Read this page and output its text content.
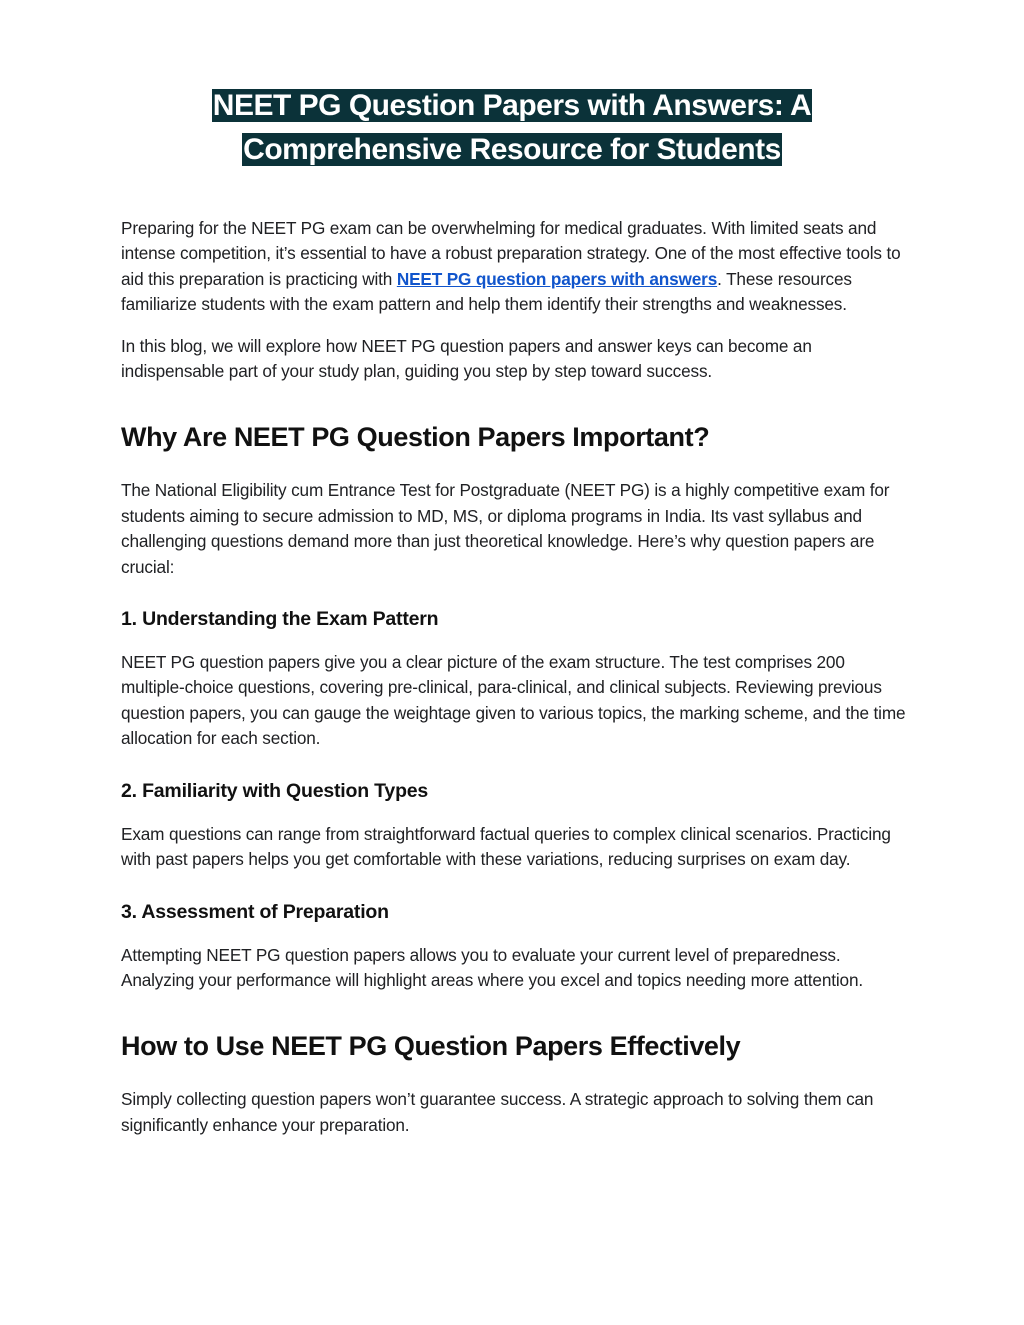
NEET PG Question Papers with Answers: A
Comprehensive Resource for Students

Preparing for the NEET PG exam can be overwhelming for medical graduates. With limited seats and intense competition, it’s essential to have a robust preparation strategy. One of the most effective tools to aid this preparation is practicing with NEET PG question papers with answers. These resources familiarize students with the exam pattern and help them identify their strengths and weaknesses.

In this blog, we will explore how NEET PG question papers and answer keys can become an indispensable part of your study plan, guiding you step by step toward success.

Why Are NEET PG Question Papers Important?

The National Eligibility cum Entrance Test for Postgraduate (NEET PG) is a highly competitive exam for students aiming to secure admission to MD, MS, or diploma programs in India. Its vast syllabus and challenging questions demand more than just theoretical knowledge. Here’s why question papers are crucial:

1. Understanding the Exam Pattern

NEET PG question papers give you a clear picture of the exam structure. The test comprises 200 multiple-choice questions, covering pre-clinical, para-clinical, and clinical subjects. Reviewing previous question papers, you can gauge the weightage given to various topics, the marking scheme, and the time allocation for each section.

2. Familiarity with Question Types

Exam questions can range from straightforward factual queries to complex clinical scenarios. Practicing with past papers helps you get comfortable with these variations, reducing surprises on exam day.

3. Assessment of Preparation

Attempting NEET PG question papers allows you to evaluate your current level of preparedness. Analyzing your performance will highlight areas where you excel and topics needing more attention.

How to Use NEET PG Question Papers Effectively

Simply collecting question papers won’t guarantee success. A strategic approach to solving them can significantly enhance your preparation.
